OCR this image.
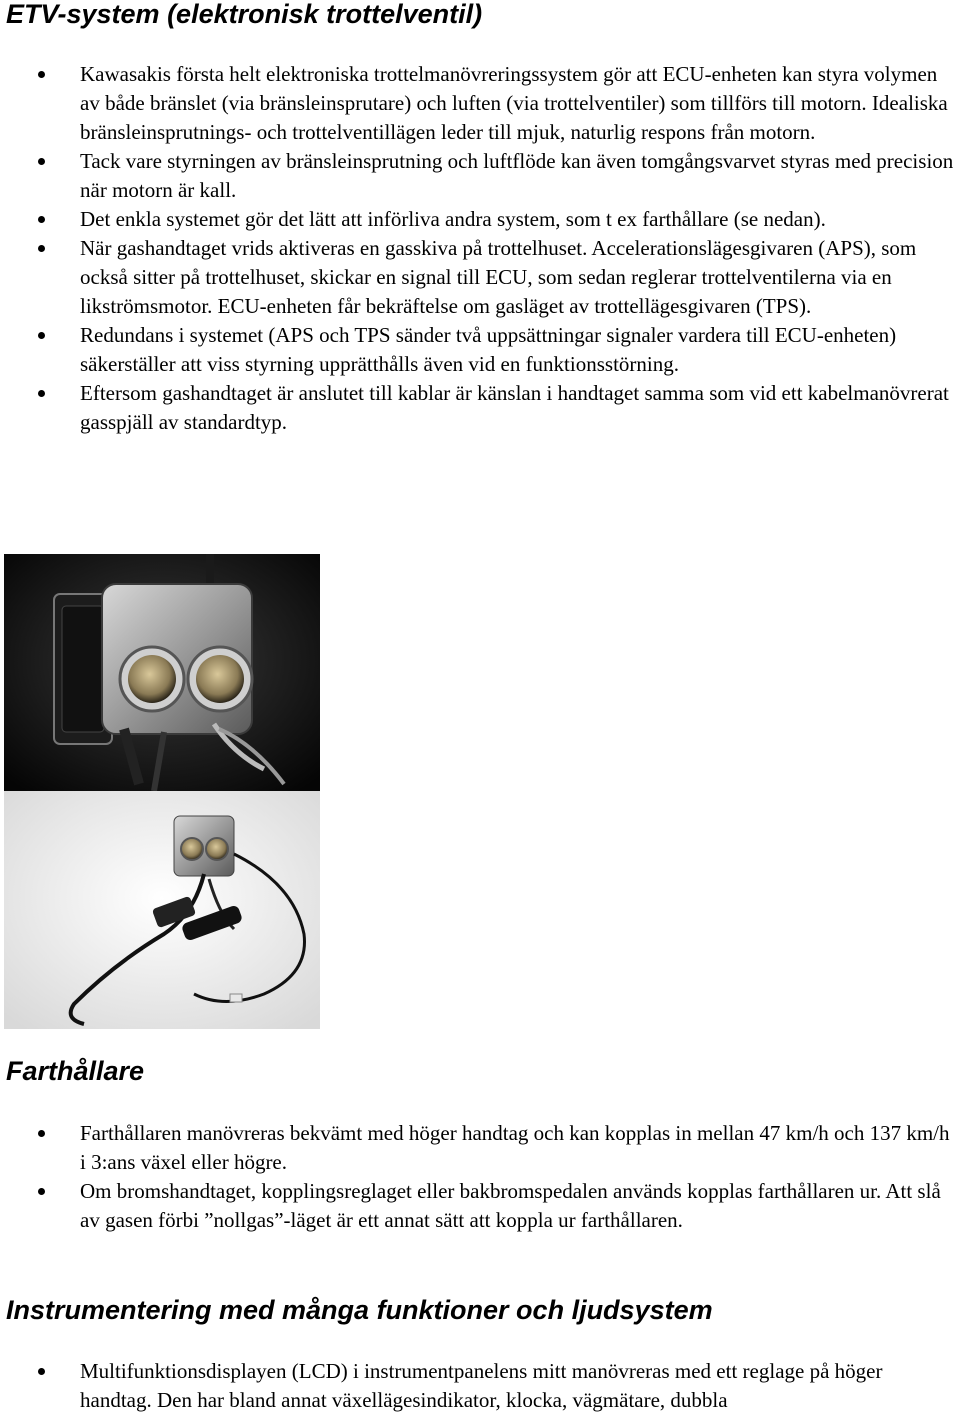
ETV-system (elektronisk trottelventil)
Kawasakis första helt elektroniska trottelmanövreringssystem gör att ECU-enheten kan styra volymen av både bränslet (via bränsleinsprutare) och luften (via trottelventiler) som tillförs till motorn. Idealiska bränsleinsprutnings- och trottelventillägen leder till mjuk, naturlig respons från motorn.
Tack vare styrningen av bränsleinsprutning och luftflöde kan även tomgångsvarvet styras med precision när motorn är kall.
Det enkla systemet gör det lätt att införliva andra system, som t ex farthållare (se nedan).
När gashandtaget vrids aktiveras en gasskiva på trottelhuset. Accelerationslägesgivaren (APS), som också sitter på trottelhuset, skickar en signal till ECU, som sedan reglerar trottelventilerna via en likströmsmotor. ECU-enheten får bekräftelse om gasläget av trottellägesgivaren (TPS).
Redundans i systemet (APS och TPS sänder två uppsättningar signaler vardera till ECU-enheten) säkerställer att viss styrning upprätthålls även vid en funktionsstörning.
Eftersom gashandtaget är anslutet till kablar är känslan i handtaget samma som vid ett kabelmanövrerat gasspjäll av standardtyp.
Farthållare
Farthållaren manövreras bekvämt med höger handtag och kan kopplas in mellan 47 km/h och 137 km/h i 3:ans växel eller högre.
Om bromshandtaget, kopplingsreglaget eller bakbromspedalen används kopplas farthållaren ur. Att slå av gasen förbi ”nollgas”-läget är ett annat sätt att koppla ur farthållaren.
Instrumentering med många funktioner och ljudsystem
Multifunktionsdisplayen (LCD) i instrumentpanelens mitt manövreras med ett reglage på höger handtag. Den har bland annat växellägesindikator, klocka, vägmätare, dubbla
